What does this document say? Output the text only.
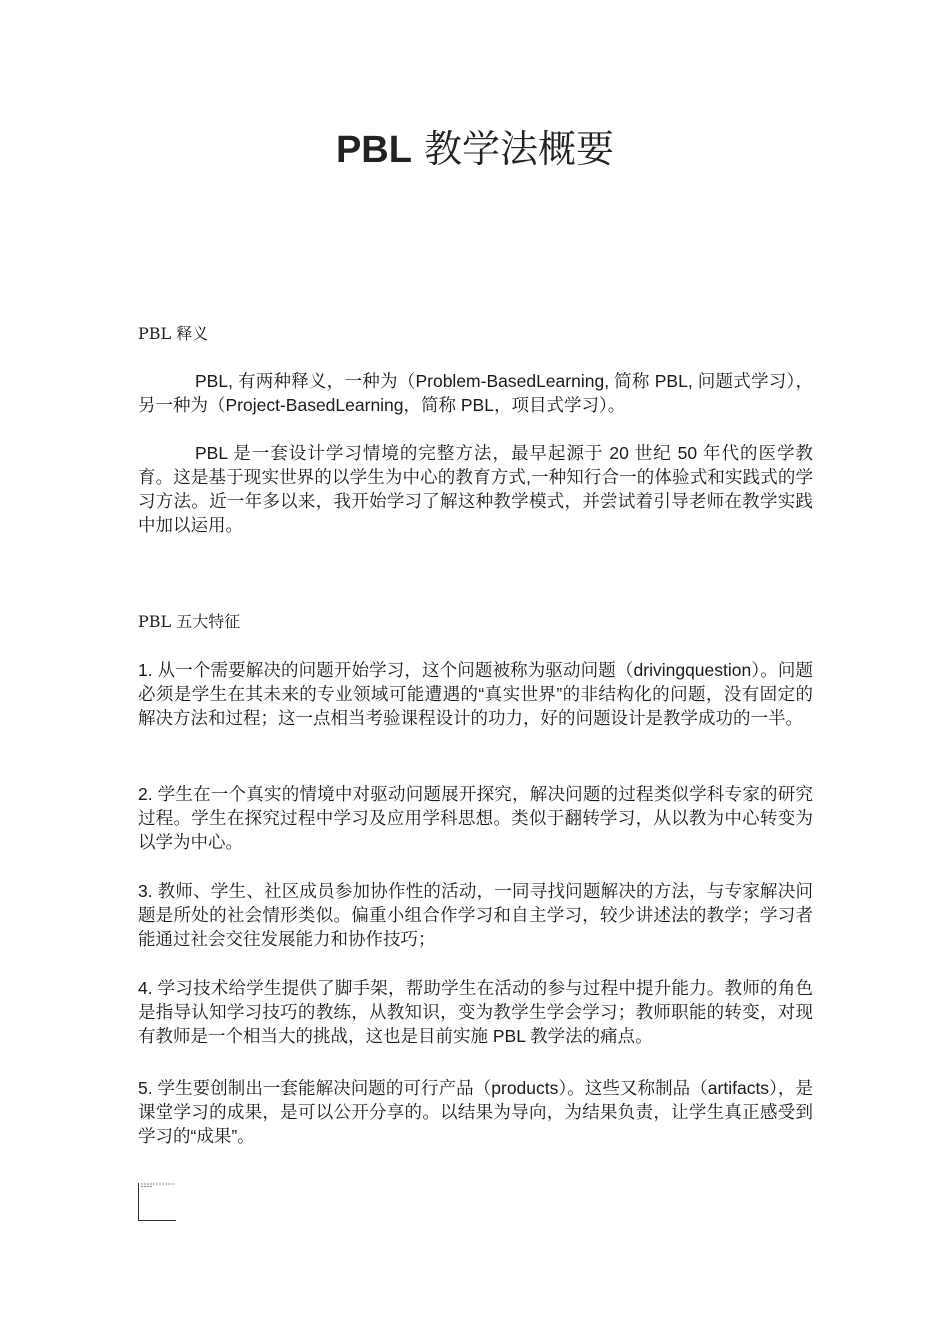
PBL 教学法概要

PBL 释义

PBL, 有两种释义，一种为（Problem-BasedLearning, 简称 PBL, 问题式学习），另一种为（Project-BasedLearning，简称 PBL，项目式学习）。

PBL 是一套设计学习情境的完整方法，最早起源于 20 世纪 50 年代的医学教育。这是基于现实世界的以学生为中心的教育方式,一种知行合一的体验式和实践式的学习方法。近一年多以来，我开始学习了解这种教学模式，并尝试着引导老师在教学实践中加以运用。

PBL 五大特征

1. 从一个需要解决的问题开始学习，这个问题被称为驱动问题（drivingquestion）。问题必须是学生在其未来的专业领域可能遭遇的“真实世界”的非结构化的问题，没有固定的解决方法和过程；这一点相当考验课程设计的功力，好的问题设计是教学成功的一半。

2. 学生在一个真实的情境中对驱动问题展开探究，解决问题的过程类似学科专家的研究过程。学生在探究过程中学习及应用学科思想。类似于翻转学习，从以教为中心转变为以学为中心。

3. 教师、学生、社区成员参加协作性的活动，一同寻找问题解决的方法，与专家解决问题是所处的社会情形类似。偏重小组合作学习和自主学习，较少讲述法的教学；学习者能通过社会交往发展能力和协作技巧；

4. 学习技术给学生提供了脚手架，帮助学生在活动的参与过程中提升能力。教师的角色是指导认知学习技巧的教练，从教知识，变为教学生学会学习；教师职能的转变，对现有教师是一个相当大的挑战，这也是目前实施 PBL 教学法的痛点。

5. 学生要创制出一套能解决问题的可行产品（products）。这些又称制品（artifacts），是课堂学习的成果，是可以公开分享的。以结果为导向，为结果负责，让学生真正感受到学习的“成果”。
